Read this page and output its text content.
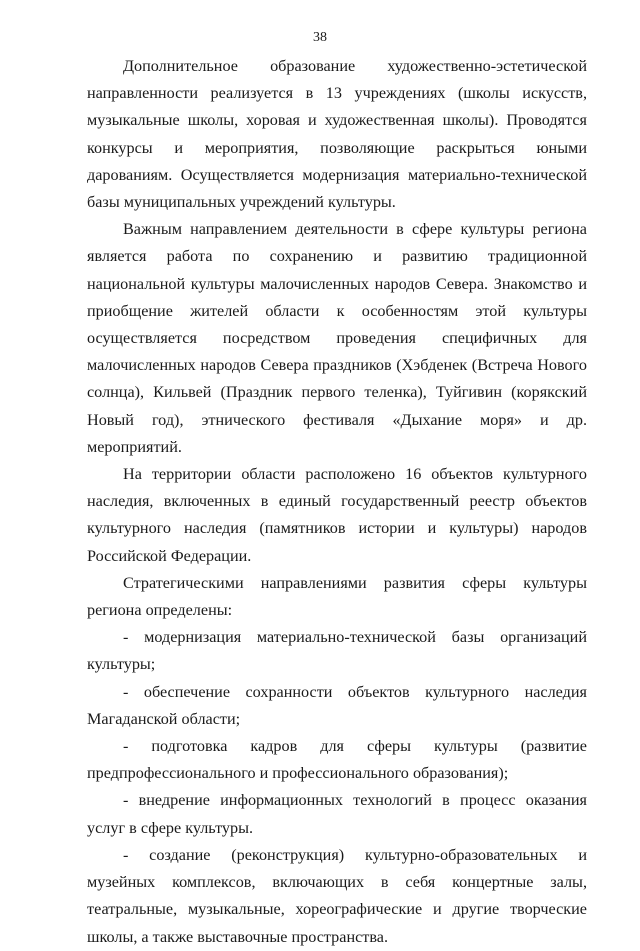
38

Дополнительное образование художественно-эстетической направленности реализуется в 13 учреждениях (школы искусств, музыкальные школы, хоровая и художественная школы). Проводятся конкурсы и мероприятия, позволяющие раскрыться юными дарованиям. Осуществляется модернизация материально-технической базы муниципальных учреждений культуры.

Важным направлением деятельности в сфере культуры региона является работа по сохранению и развитию традиционной национальной культуры малочисленных народов Севера. Знакомство и приобщение жителей области к особенностям этой культуры осуществляется посредством проведения специфичных для малочисленных народов Севера праздников (Хэбденек (Встреча Нового солнца), Кильвей (Праздник первого теленка), Туйгивин (корякский Новый год), этнического фестиваля «Дыхание моря» и др. мероприятий.

На территории области расположено 16 объектов культурного наследия, включенных в единый государственный реестр объектов культурного наследия (памятников истории и культуры) народов Российской Федерации.

Стратегическими направлениями развития сферы культуры региона определены:

- модернизация материально-технической базы организаций культуры;

- обеспечение сохранности объектов культурного наследия Магаданской области;

- подготовка кадров для сферы культуры (развитие предпрофессионального и профессионального образования);

- внедрение информационных технологий в процесс оказания услуг в сфере культуры.

- создание (реконструкция) культурно-образовательных и музейных комплексов, включающих в себя концертные залы, театральные, музыкальные, хореографические и другие творческие школы, а также выставочные пространства.
